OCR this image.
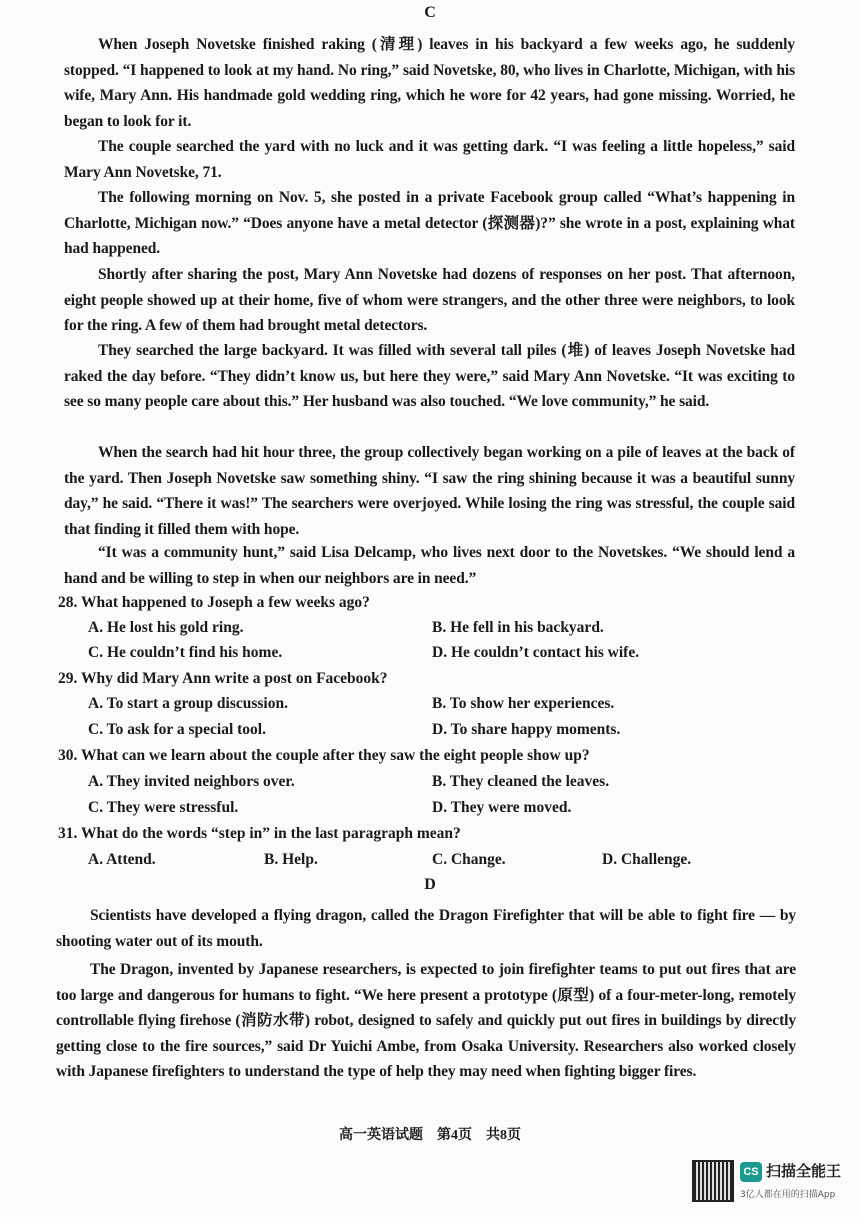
C

When Joseph Novetske finished raking (清理) leaves in his backyard a few weeks ago, he suddenly stopped. “I happened to look at my hand. No ring,” said Novetske, 80, who lives in Charlotte, Michigan, with his wife, Mary Ann. His handmade gold wedding ring, which he wore for 42 years, had gone missing. Worried, he began to look for it.

The couple searched the yard with no luck and it was getting dark. “I was feeling a little hopeless,” said Mary Ann Novetske, 71.

The following morning on Nov. 5, she posted in a private Facebook group called “What’s happening in Charlotte, Michigan now.” “Does anyone have a metal detector (探测器)?” she wrote in a post, explaining what had happened.

Shortly after sharing the post, Mary Ann Novetske had dozens of responses on her post. That afternoon, eight people showed up at their home, five of whom were strangers, and the other three were neighbors, to look for the ring. A few of them had brought metal detectors.

They searched the large backyard. It was filled with several tall piles (堆) of leaves Joseph Novetske had raked the day before. “They didn’t know us, but here they were,” said Mary Ann Novetske. “It was exciting to see so many people care about this.” Her husband was also touched. “We love community,” he said.

When the search had hit hour three, the group collectively began working on a pile of leaves at the back of the yard. Then Joseph Novetske saw something shiny. “I saw the ring shining because it was a beautiful sunny day,” he said. “There it was!” The searchers were overjoyed. While losing the ring was stressful, the couple said that finding it filled them with hope.

“It was a community hunt,” said Lisa Delcamp, who lives next door to the Novetskes. “We should lend a hand and be willing to step in when our neighbors are in need.”

28. What happened to Joseph a few weeks ago?

A. He lost his gold ring.	B. He fell in his backyard.
C. He couldn’t find his home.	D. He couldn’t contact his wife.

29. Why did Mary Ann write a post on Facebook?

A. To start a group discussion.	B. To show her experiences.
C. To ask for a special tool.	D. To share happy moments.

30. What can we learn about the couple after they saw the eight people show up?

A. They invited neighbors over.	B. They cleaned the leaves.
C. They were stressful.	D. They were moved.

31. What do the words “step in” in the last paragraph mean?

A. Attend.	B. Help.	C. Change.	D. Challenge.
D

Scientists have developed a flying dragon, called the Dragon Firefighter that will be able to fight fire — by shooting water out of its mouth.

The Dragon, invented by Japanese researchers, is expected to join firefighter teams to put out fires that are too large and dangerous for humans to fight. “We here present a prototype (原型) of a four-meter-long, remotely controllable flying firehose (消防水带) robot, designed to safely and quickly put out fires in buildings by directly getting close to the fire sources,” said Dr Yuichi Ambe, from Osaka University. Researchers also worked closely with Japanese firefighters to understand the type of help they may need when fighting bigger fires.

高一英语试题　第4页　共8页
CS 扫描全能王
3亿人都在用的扫描App
